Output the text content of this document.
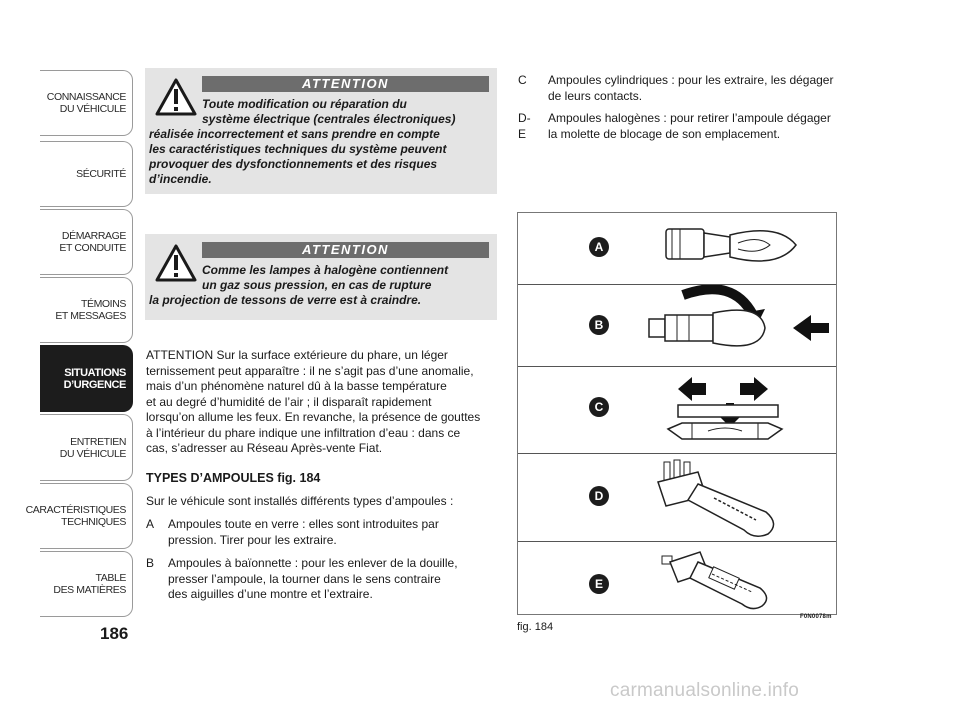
CONNAISSANCE
DU VÉHICULE
SÉCURITÉ
DÉMARRAGE
ET CONDUITE
TÉMOINS
ET MESSAGES
SITUATIONS
D’URGENCE
ENTRETIEN
DU VÉHICULE
CARACTÉRISTIQUES
TECHNIQUES
TABLE
DES MATIÈRES
186
ATTENTION
Toute modification ou réparation du
système électrique (centrales électroniques)
réalisée incorrectement et sans prendre en compte
les caractéristiques techniques du système peuvent
provoquer des dysfonctionnements et des risques
d’incendie.
ATTENTION
Comme les lampes à halogène contiennent
un gaz sous pression, en cas de rupture
la projection de tessons de verre est à craindre.
ATTENTION Sur la surface extérieure du phare, un léger
ternissement peut apparaître : il ne s’agit pas d’une anomalie,
mais d’un phénomène naturel dû à la basse température
et au degré d’humidité de l’air ; il disparaît rapidement
lorsqu’on allume les feux. En revanche, la présence de gouttes
à l’intérieur du phare indique une infiltration d’eau : dans ce
cas, s’adresser au Réseau Après-vente Fiat.
TYPES D’AMPOULES fig. 184
Sur le véhicule sont installés différents types d’ampoules :
A Ampoules toute en verre : elles sont introduites par
pression. Tirer pour les extraire.
B Ampoules à baïonnette : pour les enlever de la douille,
presser l’ampoule, la tourner dans le sens contraire
des aiguilles d’une montre et l’extraire.
C Ampoules cylindriques : pour les extraire, les dégager
de leurs contacts.
D-E
Ampoules halogènes : pour retirer l’ampoule dégager
la molette de blocage de son emplacement.
A
B
C
D
E
fig. 184
F0N0078m
carmanualsonline.info
